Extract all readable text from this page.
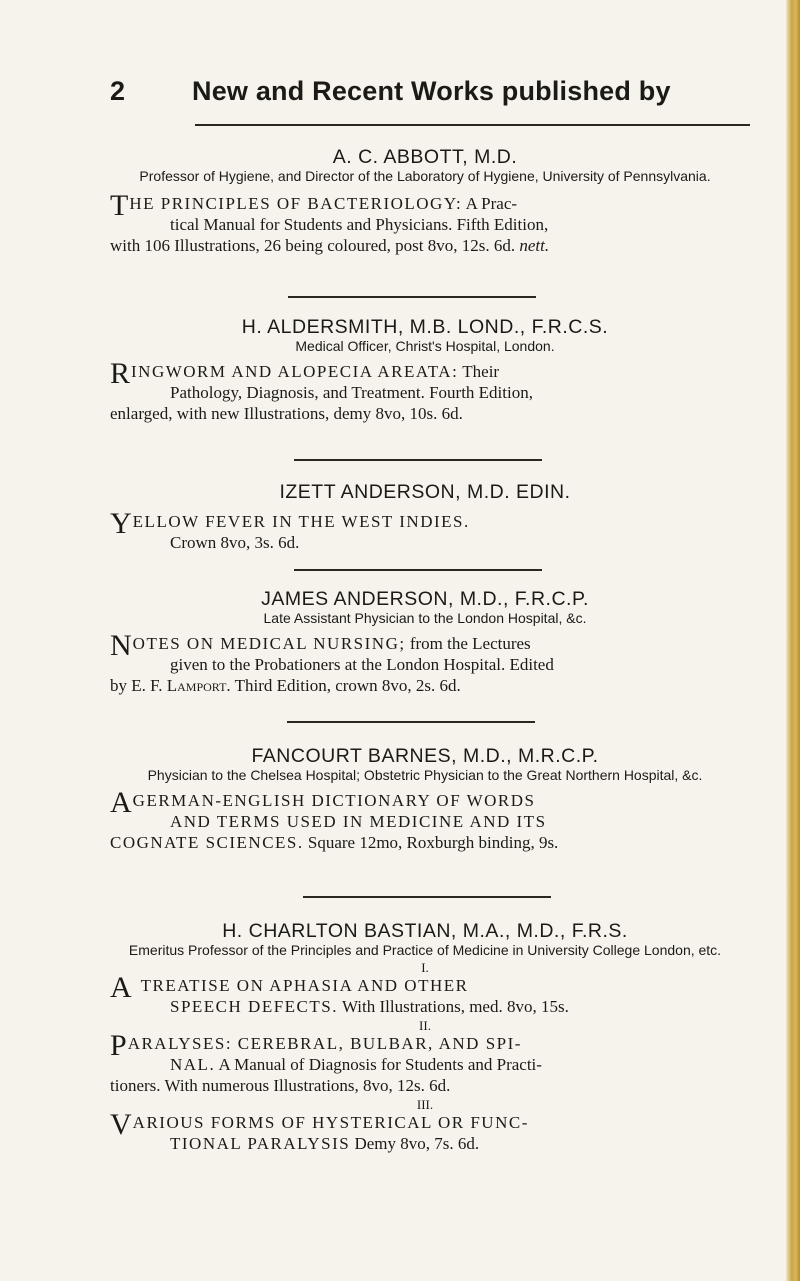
2 New and Recent Works published by
A. C. ABBOTT, M.D.
Professor of Hygiene, and Director of the Laboratory of Hygiene, University of Pennsylvania.
THE PRINCIPLES OF BACTERIOLOGY: A Prac-
tical Manual for Students and Physicians. Fifth Edition,
with 106 Illustrations, 26 being coloured, post 8vo, 12s. 6d. nett.
H. ALDERSMITH, M.B. LOND., F.R.C.S.
Medical Officer, Christ's Hospital, London.
RINGWORM AND ALOPECIA AREATA: Their
Pathology, Diagnosis, and Treatment. Fourth Edition,
enlarged, with new Illustrations, demy 8vo, 10s. 6d.
IZETT ANDERSON, M.D. EDIN.
YELLOW FEVER IN THE WEST INDIES.
Crown 8vo, 3s. 6d.
JAMES ANDERSON, M.D., F.R.C.P.
Late Assistant Physician to the London Hospital, &c.
NOTES ON MEDICAL NURSING; from the Lectures
given to the Probationers at the London Hospital. Edited
by E. F. Lamport. Third Edition, crown 8vo, 2s. 6d.
FANCOURT BARNES, M.D., M.R.C.P.
Physician to the Chelsea Hospital; Obstetric Physician to the Great Northern Hospital, &c.
AGERMAN-ENGLISH DICTIONARY OF WORDS
AND TERMS USED IN MEDICINE AND ITS
COGNATE SCIENCES. Square 12mo, Roxburgh binding, 9s.
H. CHARLTON BASTIAN, M.A., M.D., F.R.S.
Emeritus Professor of the Principles and Practice of Medicine in University College London, etc.
I.
ATREATISE ON APHASIA AND OTHER
SPEECH DEFECTS. With Illustrations, med. 8vo, 15s.
II.
PARALYSES: CEREBRAL, BULBAR, AND SPI-
NAL. A Manual of Diagnosis for Students and Practi-
tioners. With numerous Illustrations, 8vo, 12s. 6d.
III.
VARIOUS FORMS OF HYSTERICAL OR FUNC-
TIONAL PARALYSIS Demy 8vo, 7s. 6d.
